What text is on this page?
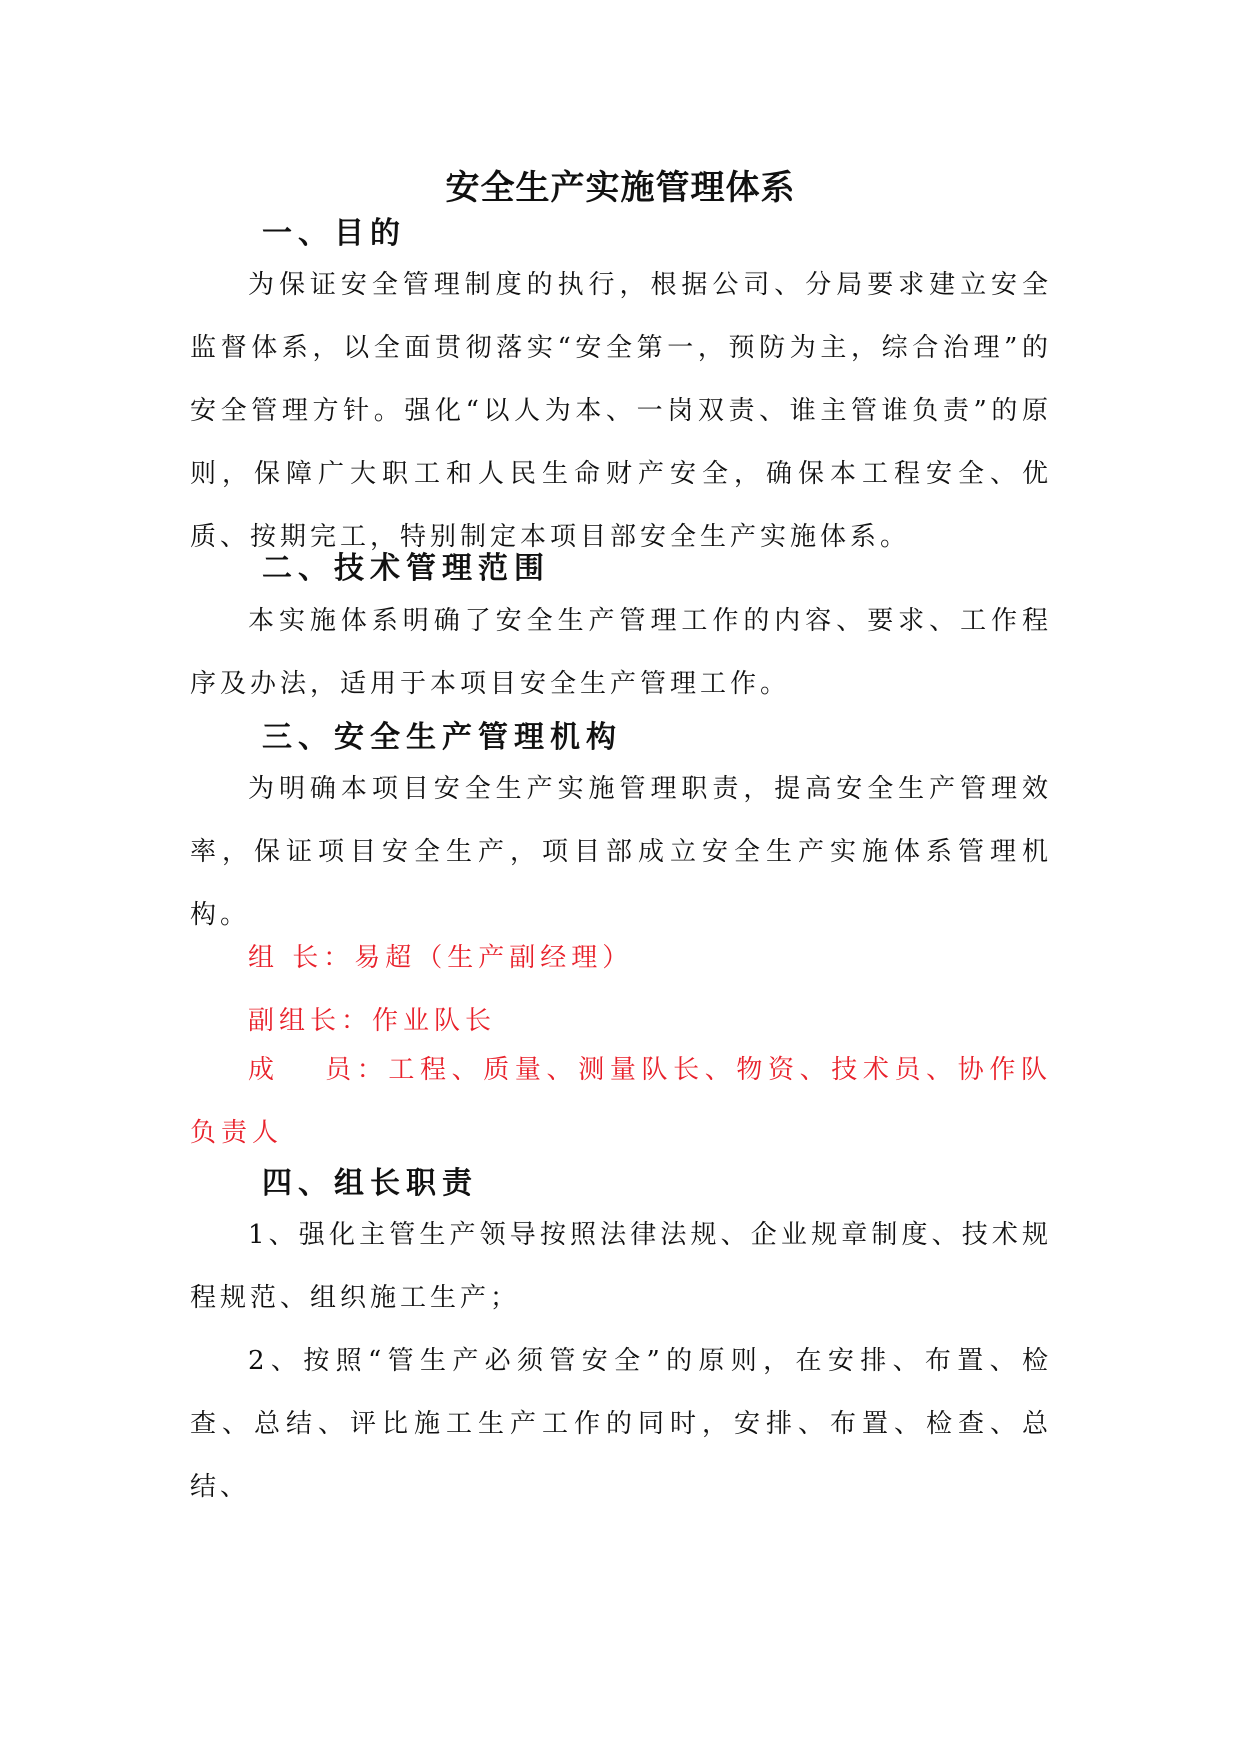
安全生产实施管理体系
一、目的

为保证安全管理制度的执行，根据公司、分局要求建立安全监督体系，以全面贯彻落实“安全第一，预防为主，综合治理”的安全管理方针。强化“以人为本、一岗双责、谁主管谁负责”的原则，保障广大职工和人民生命财产安全，确保本工程安全、优质、按期完工，特别制定本项目部安全生产实施体系。

二、技术管理范围

本实施体系明确了安全生产管理工作的内容、要求、工作程序及办法，适用于本项目安全生产管理工作。

三、安全生产管理机构

为明确本项目安全生产实施管理职责，提高安全生产管理效率，保证项目安全生产，项目部成立安全生产实施体系管理机构。

组 长：易超（生产副经理）
副组长：作业队长

成　 员：工程、质量、测量队长、物资、技术员、协作队负责人

四、组长职责

1、强化主管生产领导按照法律法规、企业规章制度、技术规程规范、组织施工生产；

2、按照“管生产必须管安全”的原则，在安排、布置、检查、总结、评比施工生产工作的同时，安排、布置、检查、总结、
